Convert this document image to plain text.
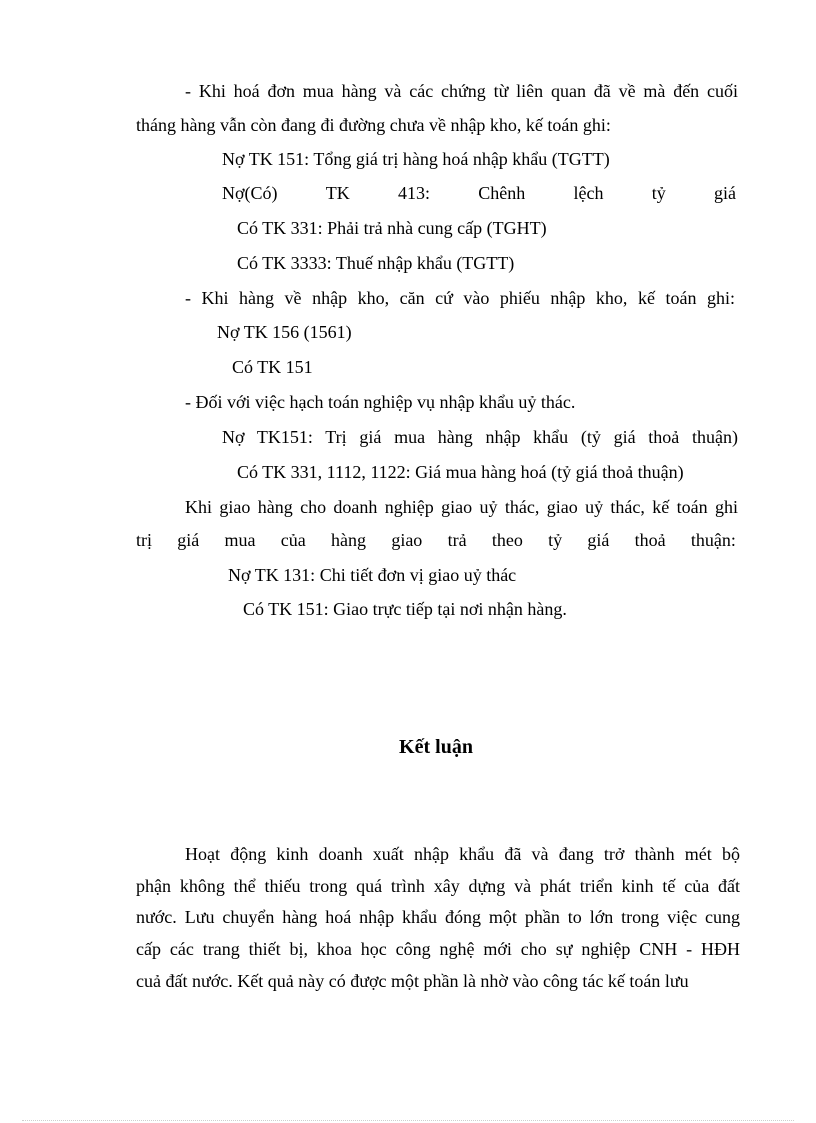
- Khi hoá đơn mua hàng và các chứng từ liên quan đã về mà đến cuối
tháng hàng vẫn còn đang đi đường chưa về nhập kho, kế toán ghi:
Nợ TK 151: Tổng giá trị hàng hoá nhập khẩu (TGTT)
Nợ(Có)	TK	413:	Chênh	lệch	tỷ	giá
Có TK 331: Phải trả nhà cung cấp (TGHT)
Có TK 3333: Thuế nhập khẩu (TGTT)
- Khi hàng về nhập kho, căn cứ vào phiếu nhập kho, kế toán ghi:
Nợ TK 156 (1561)
Có TK 151
- Đối với việc hạch toán nghiệp vụ nhập khẩu uỷ thác.
Nợ TK151: Trị giá mua hàng nhập khẩu (tỷ giá thoả thuận)
Có TK 331, 1112, 1122: Giá mua hàng hoá (tỷ giá thoả thuận)
Khi giao hàng cho doanh nghiệp giao uỷ thác, giao uỷ thác, kế toán ghi
trị giá mua của hàng giao trả theo tỷ giá thoả thuận:
Nợ TK 131: Chi tiết đơn vị giao uỷ thác
Có TK 151: Giao trực tiếp tại nơi nhận hàng.
Kết luận
Hoạt động kinh doanh xuất nhập khẩu đã và đang trở thành mét bộ
phận không thể thiếu trong quá trình xây dựng và phát triển kinh tế của đất
nước. Lưu chuyển hàng hoá nhập khẩu đóng một phần to lớn trong việc cung
cấp các trang thiết bị, khoa học công nghệ mới cho sự nghiệp CNH - HĐH
cuả đất nước. Kết quả này có được một phần là nhờ vào công tác kế toán lưu
